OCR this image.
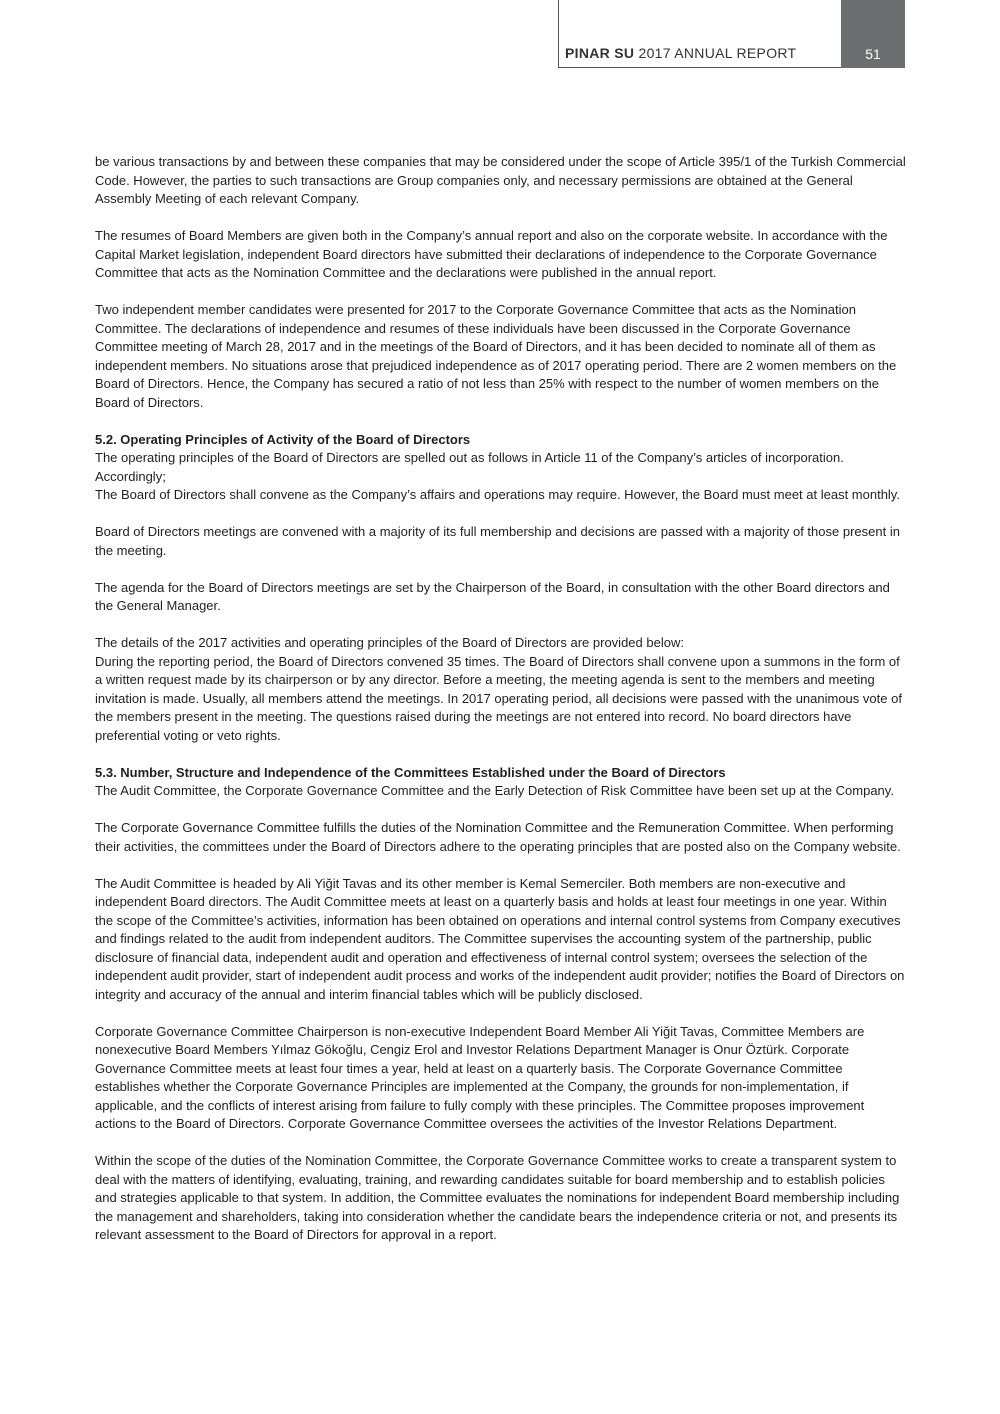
PINAR SU 2017 ANNUAL REPORT	51

be various transactions by and between these companies that may be considered under the scope of Article 395/1 of the Turkish Commercial Code. However, the parties to such transactions are Group companies only, and necessary permissions are obtained at the General Assembly Meeting of each relevant Company.

The resumes of Board Members are given both in the Company’s annual report and also on the corporate website. In accordance with the Capital Market legislation, independent Board directors have submitted their declarations of independence to the Corporate Governance Committee that acts as the Nomination Committee and the declarations were published in the annual report.

Two independent member candidates were presented for 2017 to the Corporate Governance Committee that acts as the Nomination Committee. The declarations of independence and resumes of these individuals have been discussed in the Corporate Governance Committee meeting of March 28, 2017 and in the meetings of the Board of Directors, and it has been decided to nominate all of them as independent members. No situations arose that prejudiced independence as of 2017 operating period. There are 2 women members on the Board of Directors. Hence, the Company has secured a ratio of not less than 25% with respect to the number of women members on the Board of Directors.

5.2. Operating Principles of Activity of the Board of Directors

The operating principles of the Board of Directors are spelled out as follows in Article 11 of the Company’s articles of incorporation. Accordingly;

The Board of Directors shall convene as the Company’s affairs and operations may require. However, the Board must meet at least monthly.

Board of Directors meetings are convened with a majority of its full membership and decisions are passed with a majority of those present in the meeting.

The agenda for the Board of Directors meetings are set by the Chairperson of the Board, in consultation with the other Board directors and the General Manager.

The details of the 2017 activities and operating principles of the Board of Directors are provided below:

During the reporting period, the Board of Directors convened 35 times. The Board of Directors shall convene upon a summons in the form of a written request made by its chairperson or by any director. Before a meeting, the meeting agenda is sent to the members and meeting invitation is made. Usually, all members attend the meetings. In 2017 operating period, all decisions were passed with the unanimous vote of the members present in the meeting. The questions raised during the meetings are not entered into record. No board directors have preferential voting or veto rights.

5.3. Number, Structure and Independence of the Committees Established under the Board of Directors

The Audit Committee, the Corporate Governance Committee and the Early Detection of Risk Committee have been set up at the Company.

The Corporate Governance Committee fulfills the duties of the Nomination Committee and the Remuneration Committee. When performing their activities, the committees under the Board of Directors adhere to the operating principles that are posted also on the Company website.

The Audit Committee is headed by Ali Yiğit Tavas and its other member is Kemal Semerciler. Both members are non-executive and independent Board directors. The Audit Committee meets at least on a quarterly basis and holds at least four meetings in one year. Within the scope of the Committee’s activities, information has been obtained on operations and internal control systems from Company executives and findings related to the audit from independent auditors. The Committee supervises the accounting system of the partnership, public disclosure of financial data, independent audit and operation and effectiveness of internal control system; oversees the selection of the independent audit provider, start of independent audit process and works of the independent audit provider; notifies the Board of Directors on integrity and accuracy of the annual and interim financial tables which will be publicly disclosed.

Corporate Governance Committee Chairperson is non-executive Independent Board Member Ali Yiğit Tavas, Committee Members are nonexecutive Board Members Yılmaz Gökoğlu, Cengiz Erol and Investor Relations Department Manager is Onur Öztürk. Corporate Governance Committee meets at least four times a year, held at least on a quarterly basis. The Corporate Governance Committee establishes whether the Corporate Governance Principles are implemented at the Company, the grounds for non-implementation, if applicable, and the conflicts of interest arising from failure to fully comply with these principles. The Committee proposes improvement actions to the Board of Directors. Corporate Governance Committee oversees the activities of the Investor Relations Department.

Within the scope of the duties of the Nomination Committee, the Corporate Governance Committee works to create a transparent system to deal with the matters of identifying, evaluating, training, and rewarding candidates suitable for board membership and to establish policies and strategies applicable to that system. In addition, the Committee evaluates the nominations for independent Board membership including the management and shareholders, taking into consideration whether the candidate bears the independence criteria or not, and presents its relevant assessment to the Board of Directors for approval in a report.
